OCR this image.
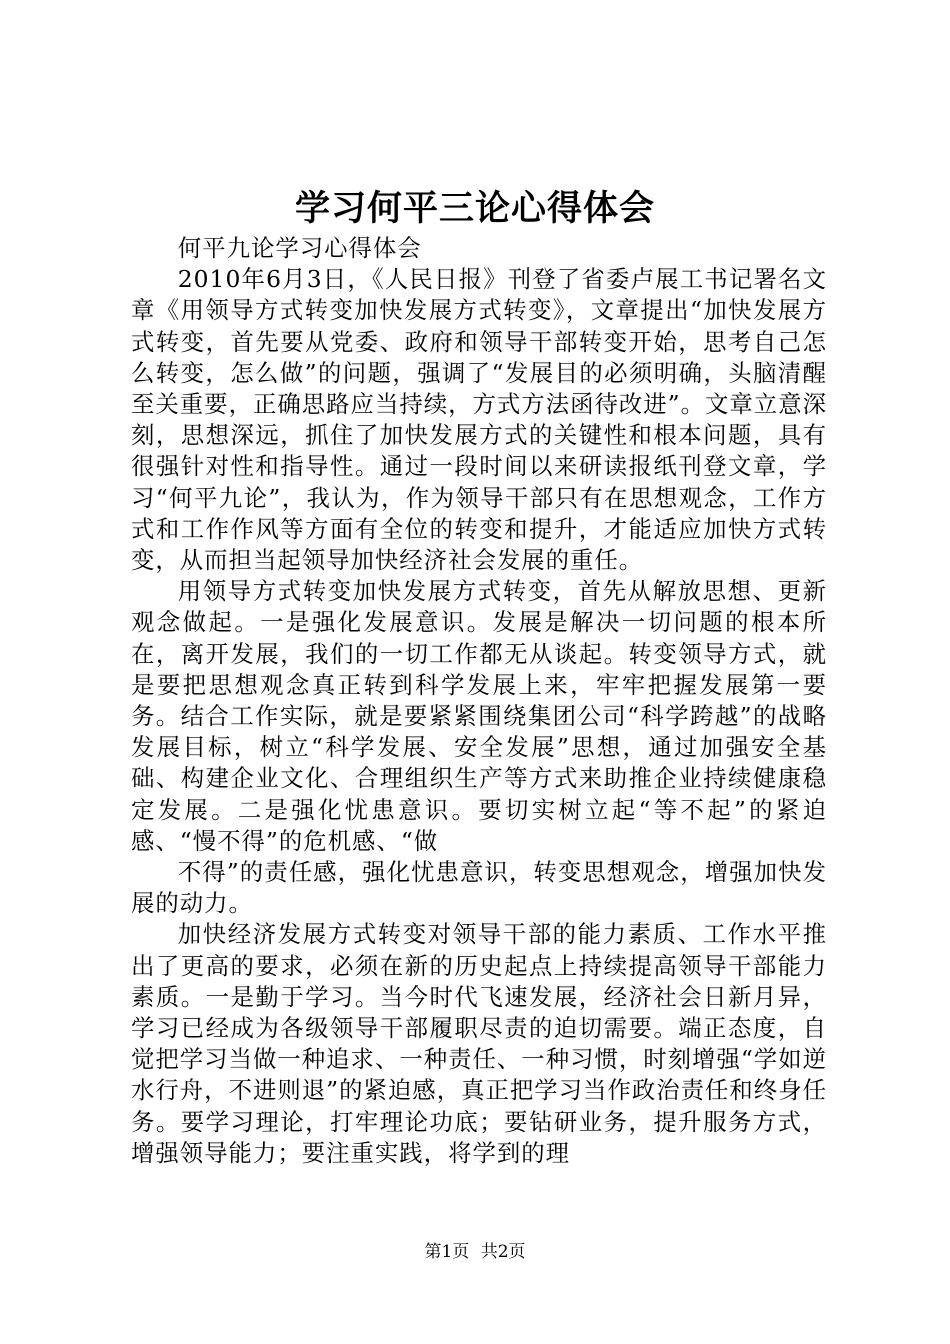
学习何平三论心得体会

何平九论学习心得体会

2010年6月3日，《人民日报》刊登了省委卢展工书记署名文章《用领导方式转变加快发展方式转变》，文章提出“加快发展方式转变，首先要从党委、政府和领导干部转变开始，思考自己怎么转变，怎么做”的问题，强调了“发展目的必须明确，头脑清醒至关重要，正确思路应当持续，方式方法函待改进”。文章立意深刻，思想深远，抓住了加快发展方式的关键性和根本问题，具有很强针对性和指导性。通过一段时间以来研读报纸刊登文章，学习“何平九论”，我认为，作为领导干部只有在思想观念，工作方式和工作作风等方面有全位的转变和提升，才能适应加快方式转变，从而担当起领导加快经济社会发展的重任。

用领导方式转变加快发展方式转变，首先从解放思想、更新观念做起。一是强化发展意识。发展是解决一切问题的根本所在，离开发展，我们的一切工作都无从谈起。转变领导方式，就是要把思想观念真正转到科学发展上来，牢牢把握发展第一要务。结合工作实际，就是要紧紧围绕集团公司“科学跨越”的战略发展目标，树立“科学发展、安全发展”思想，通过加强安全基础、构建企业文化、合理组织生产等方式来助推企业持续健康稳定发展。二是强化忧患意识。要切实树立起“等不起”的紧迫感、“慢不得”的危机感、“做

不得”的责任感，强化忧患意识，转变思想观念，增强加快发展的动力。

加快经济发展方式转变对领导干部的能力素质、工作水平推出了更高的要求，必须在新的历史起点上持续提高领导干部能力素质。一是勤于学习。当今时代飞速发展，经济社会日新月异，学习已经成为各级领导干部履职尽责的迫切需要。端正态度，自觉把学习当做一种追求、一种责任、一种习惯，时刻增强“学如逆水行舟，不进则退”的紧迫感，真正把学习当作政治责任和终身任务。要学习理论，打牢理论功底；要钻研业务，提升服务方式，增强领导能力；要注重实践，将学到的理

第1页 共2页
